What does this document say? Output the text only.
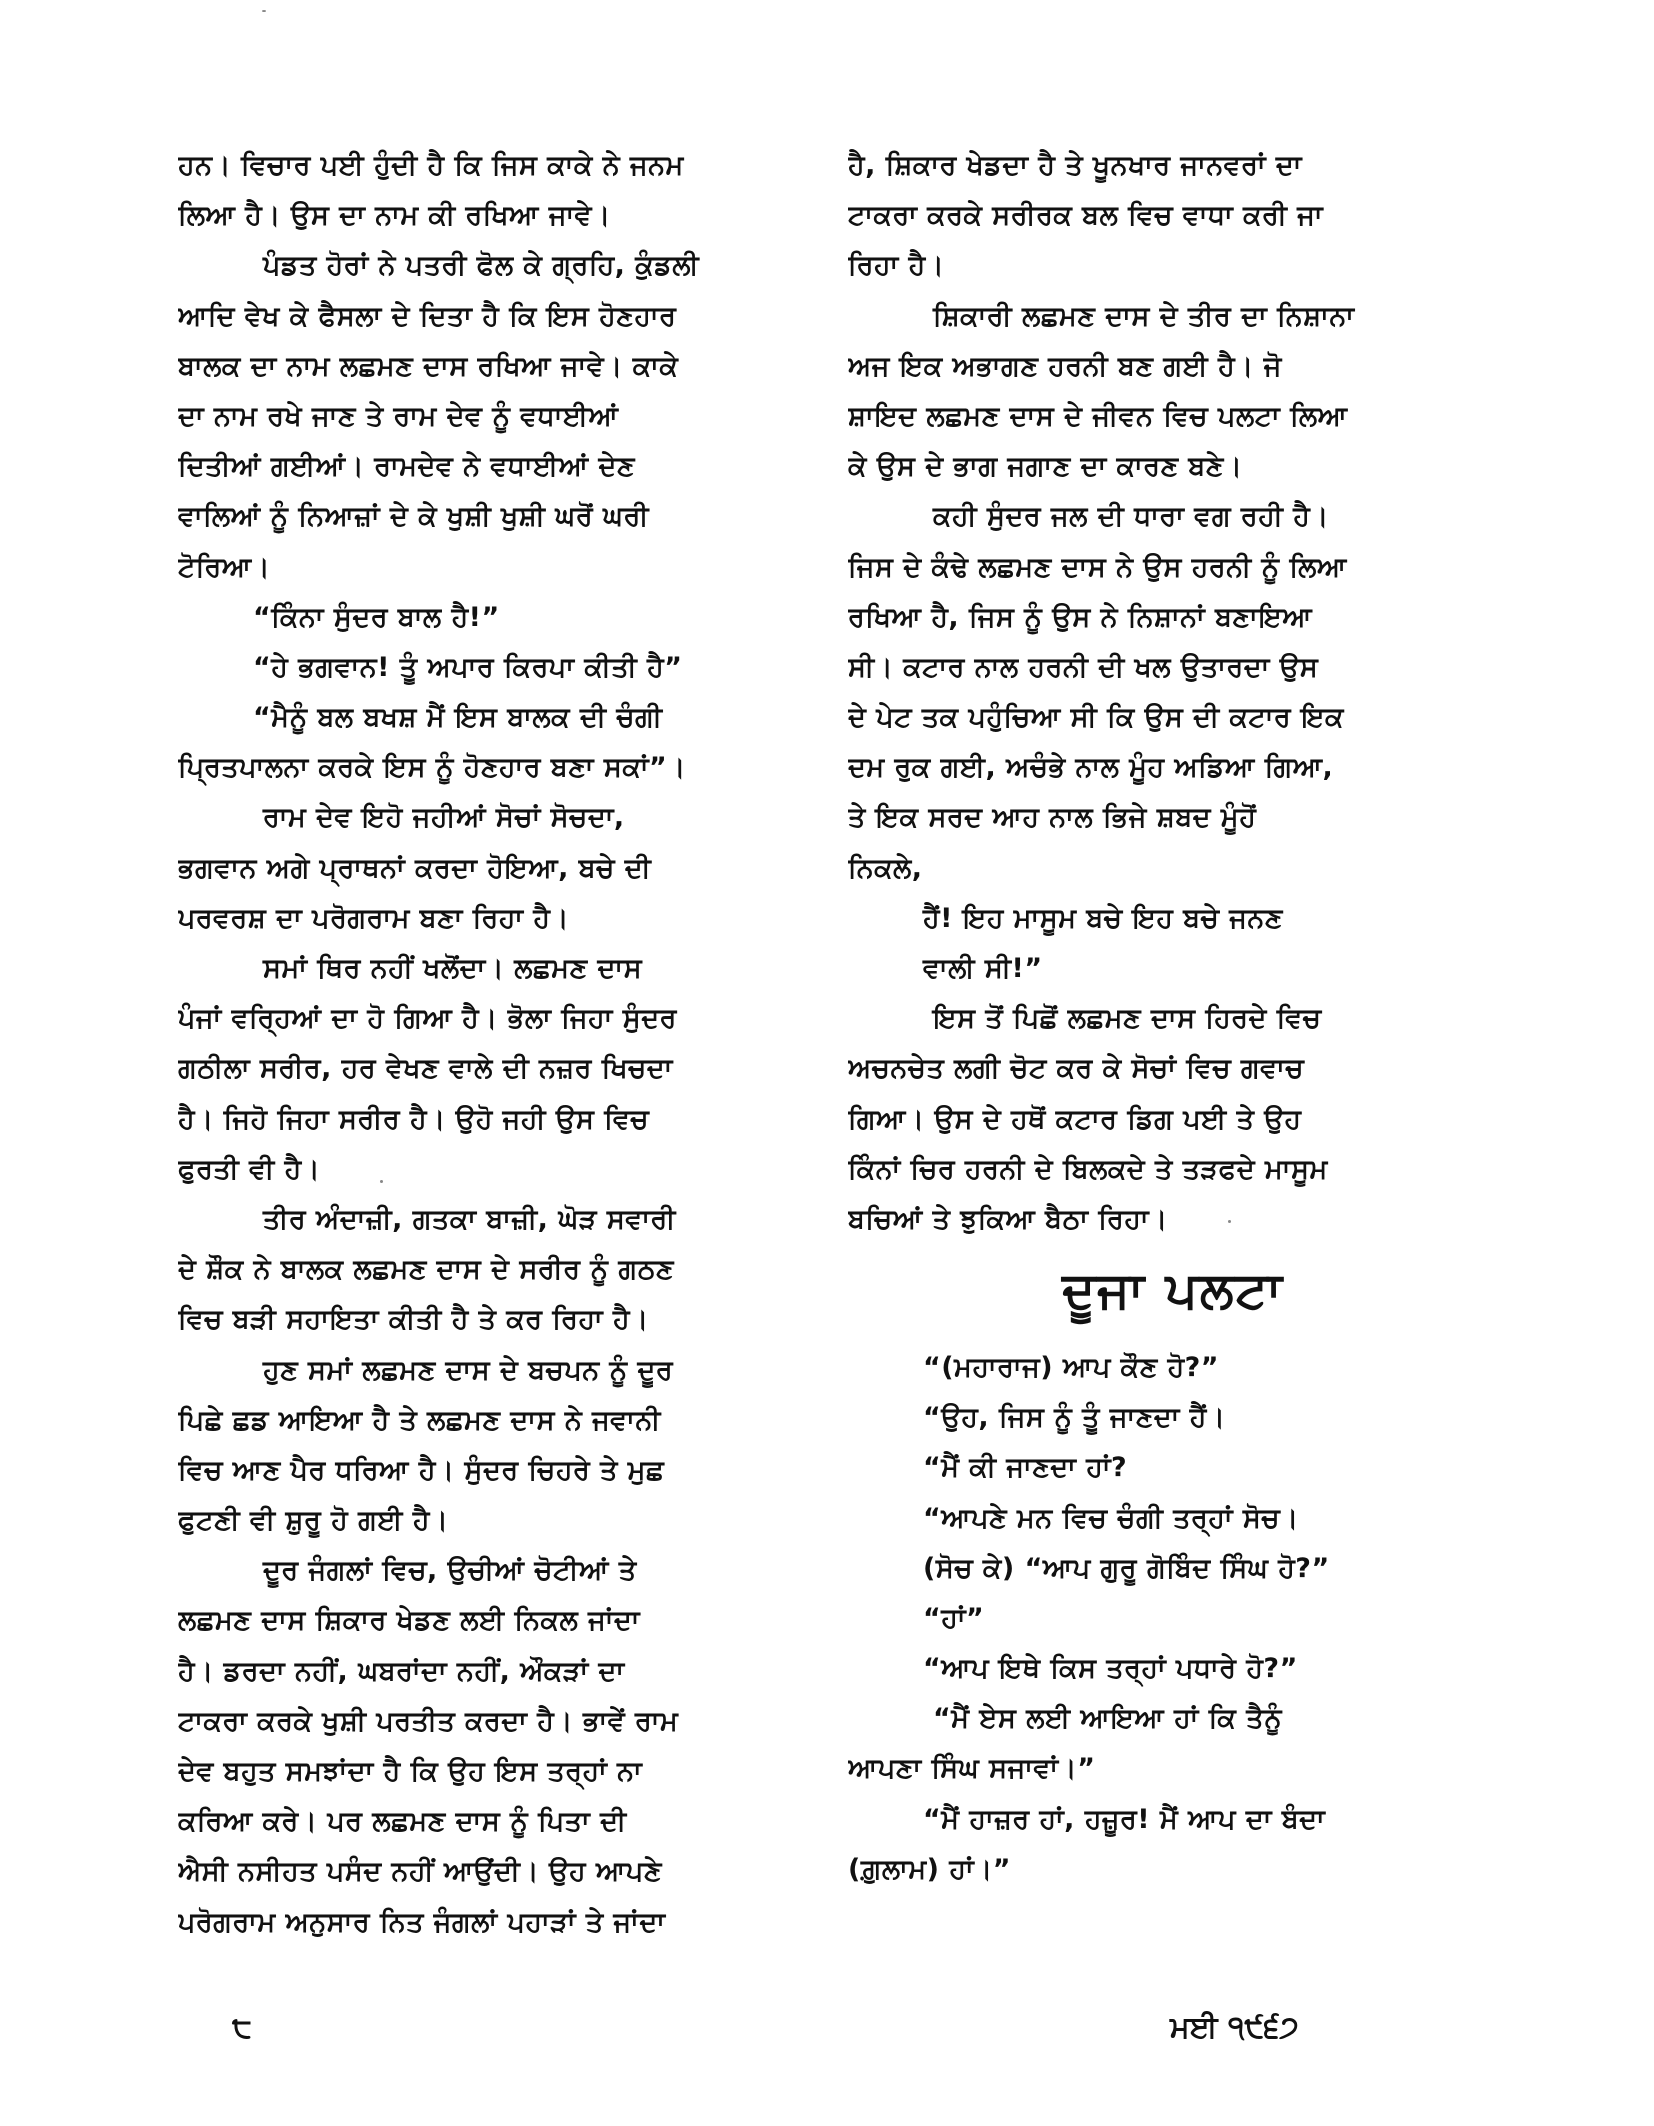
ਹਨ। ਵਿਚਾਰ ਪਈ ਹੁੰਦੀ ਹੈ ਕਿ ਜਿਸ ਕਾਕੇ ਨੇ ਜਨਮ
ਲਿਆ ਹੈ। ਉਸ ਦਾ ਨਾਮ ਕੀ ਰਖਿਆ ਜਾਵੇ।
ਪੰਡਤ ਹੋਰਾਂ ਨੇ ਪਤਰੀ ਫੋਲ ਕੇ ਗ੍ਰਹਿ, ਕੁੰਡਲੀ
ਆਦਿ ਵੇਖ ਕੇ ਫੈਸਲਾ ਦੇ ਦਿਤਾ ਹੈ ਕਿ ਇਸ ਹੋਣਹਾਰ
ਬਾਲਕ ਦਾ ਨਾਮ ਲਛਮਣ ਦਾਸ ਰਖਿਆ ਜਾਵੇ। ਕਾਕੇ
ਦਾ ਨਾਮ ਰਖੇ ਜਾਣ ਤੇ ਰਾਮ ਦੇਵ ਨੂੰ ਵਧਾਈਆਂ
ਦਿਤੀਆਂ ਗਈਆਂ। ਰਾਮਦੇਵ ਨੇ ਵਧਾਈਆਂ ਦੇਣ
ਵਾਲਿਆਂ ਨੂੰ ਨਿਆਜ਼ਾਂ ਦੇ ਕੇ ਖੁਸ਼ੀ ਖੁਸ਼ੀ ਘਰੋਂ ਘਰੀ
ਟੋਰਿਆ।
“ਕਿੰਨਾ ਸੁੰਦਰ ਬਾਲ ਹੈ!”
“ਹੇ ਭਗਵਾਨ! ਤੂੰ ਅਪਾਰ ਕਿਰਪਾ ਕੀਤੀ ਹੈ”
“ਮੈਨੂੰ ਬਲ ਬਖਸ਼ ਮੈਂ ਇਸ ਬਾਲਕ ਦੀ ਚੰਗੀ
ਪ੍ਰਿਤਪਾਲਨਾ ਕਰਕੇ ਇਸ ਨੂੰ ਹੋਣਹਾਰ ਬਣਾ ਸਕਾਂ”।
ਰਾਮ ਦੇਵ ਇਹੋ ਜਹੀਆਂ ਸੋਚਾਂ ਸੋਚਦਾ,
ਭਗਵਾਨ ਅਗੇ ਪ੍ਰਾਥਨਾਂ ਕਰਦਾ ਹੋਇਆ, ਬਚੇ ਦੀ
ਪਰਵਰਸ਼ ਦਾ ਪਰੋਗਰਾਮ ਬਣਾ ਰਿਹਾ ਹੈ।
ਸਮਾਂ ਥਿਰ ਨਹੀਂ ਖਲੋਂਦਾ। ਲਛਮਣ ਦਾਸ
ਪੰਜਾਂ ਵਰ੍ਹਿਆਂ ਦਾ ਹੋ ਗਿਆ ਹੈ। ਭੋਲਾ ਜਿਹਾ ਸੁੰਦਰ
ਗਠੀਲਾ ਸਰੀਰ, ਹਰ ਵੇਖਣ ਵਾਲੇ ਦੀ ਨਜ਼ਰ ਖਿਚਦਾ
ਹੈ। ਜਿਹੋ ਜਿਹਾ ਸਰੀਰ ਹੈ। ਉਹੋ ਜਹੀ ਉਸ ਵਿਚ
ਫੁਰਤੀ ਵੀ ਹੈ।
ਤੀਰ ਅੰਦਾਜ਼ੀ, ਗਤਕਾ ਬਾਜ਼ੀ, ਘੋੜ ਸਵਾਰੀ
ਦੇ ਸ਼ੌਕ ਨੇ ਬਾਲਕ ਲਛਮਣ ਦਾਸ ਦੇ ਸਰੀਰ ਨੂੰ ਗਠਣ
ਵਿਚ ਬੜੀ ਸਹਾਇਤਾ ਕੀਤੀ ਹੈ ਤੇ ਕਰ ਰਿਹਾ ਹੈ।
ਹੁਣ ਸਮਾਂ ਲਛਮਣ ਦਾਸ ਦੇ ਬਚਪਨ ਨੂੰ ਦੂਰ
ਪਿਛੇ ਛਡ ਆਇਆ ਹੈ ਤੇ ਲਛਮਣ ਦਾਸ ਨੇ ਜਵਾਨੀ
ਵਿਚ ਆਣ ਪੈਰ ਧਰਿਆ ਹੈ। ਸੁੰਦਰ ਚਿਹਰੇ ਤੇ ਮੁਛ
ਫੁਟਣੀ ਵੀ ਸ਼ੁਰੂ ਹੋ ਗਈ ਹੈ।
ਦੂਰ ਜੰਗਲਾਂ ਵਿਚ, ਉਚੀਆਂ ਚੋਟੀਆਂ ਤੇ
ਲਛਮਣ ਦਾਸ ਸ਼ਿਕਾਰ ਖੇਡਣ ਲਈ ਨਿਕਲ ਜਾਂਦਾ
ਹੈ। ਡਰਦਾ ਨਹੀਂ, ਘਬਰਾਂਦਾ ਨਹੀਂ, ਔਕੜਾਂ ਦਾ
ਟਾਕਰਾ ਕਰਕੇ ਖੁਸ਼ੀ ਪਰਤੀਤ ਕਰਦਾ ਹੈ। ਭਾਵੇਂ ਰਾਮ
ਦੇਵ ਬਹੁਤ ਸਮਝਾਂਦਾ ਹੈ ਕਿ ਉਹ ਇਸ ਤਰ੍ਹਾਂ ਨਾ
ਕਰਿਆ ਕਰੇ। ਪਰ ਲਛਮਣ ਦਾਸ ਨੂੰ ਪਿਤਾ ਦੀ
ਐਸੀ ਨਸੀਹਤ ਪਸੰਦ ਨਹੀਂ ਆਉਂਦੀ। ਉਹ ਆਪਣੇ
ਪਰੋਗਰਾਮ ਅਨੁਸਾਰ ਨਿਤ ਜੰਗਲਾਂ ਪਹਾੜਾਂ ਤੇ ਜਾਂਦਾ
ਹੈ, ਸ਼ਿਕਾਰ ਖੇਡਦਾ ਹੈ ਤੇ ਖੂਨਖਾਰ ਜਾਨਵਰਾਂ ਦਾ
ਟਾਕਰਾ ਕਰਕੇ ਸਰੀਰਕ ਬਲ ਵਿਚ ਵਾਧਾ ਕਰੀ ਜਾ
ਰਿਹਾ ਹੈ।
ਸ਼ਿਕਾਰੀ ਲਛਮਣ ਦਾਸ ਦੇ ਤੀਰ ਦਾ ਨਿਸ਼ਾਨਾ
ਅਜ ਇਕ ਅਭਾਗਣ ਹਰਨੀ ਬਣ ਗਈ ਹੈ। ਜੋ
ਸ਼ਾਇਦ ਲਛਮਣ ਦਾਸ ਦੇ ਜੀਵਨ ਵਿਚ ਪਲਟਾ ਲਿਆ
ਕੇ ਉਸ ਦੇ ਭਾਗ ਜਗਾਣ ਦਾ ਕਾਰਣ ਬਣੇ।
ਕਹੀ ਸੁੰਦਰ ਜਲ ਦੀ ਧਾਰਾ ਵਗ ਰਹੀ ਹੈ।
ਜਿਸ ਦੇ ਕੰਢੇ ਲਛਮਣ ਦਾਸ ਨੇ ਉਸ ਹਰਨੀ ਨੂੰ ਲਿਆ
ਰਖਿਆ ਹੈ, ਜਿਸ ਨੂੰ ਉਸ ਨੇ ਨਿਸ਼ਾਨਾਂ ਬਣਾਇਆ
ਸੀ। ਕਟਾਰ ਨਾਲ ਹਰਨੀ ਦੀ ਖਲ ਉਤਾਰਦਾ ਉਸ
ਦੇ ਪੇਟ ਤਕ ਪਹੁੰਚਿਆ ਸੀ ਕਿ ਉਸ ਦੀ ਕਟਾਰ ਇਕ
ਦਮ ਰੁਕ ਗਈ, ਅਚੰਭੇ ਨਾਲ ਮੂੰਹ ਅਡਿਆ ਗਿਆ,
ਤੇ ਇਕ ਸਰਦ ਆਹ ਨਾਲ ਭਿਜੇ ਸ਼ਬਦ ਮੂੰਹੋਂ
ਨਿਕਲੇ,
ਹੈਂ! ਇਹ ਮਾਸੂਮ ਬਚੇ ਇਹ ਬਚੇ ਜਨਣ
ਵਾਲੀ ਸੀ!”
ਇਸ ਤੋਂ ਪਿਛੋਂ ਲਛਮਣ ਦਾਸ ਹਿਰਦੇ ਵਿਚ
ਅਚਨਚੇਤ ਲਗੀ ਚੋਟ ਕਰ ਕੇ ਸੋਚਾਂ ਵਿਚ ਗਵਾਚ
ਗਿਆ। ਉਸ ਦੇ ਹਥੋਂ ਕਟਾਰ ਡਿਗ ਪਈ ਤੇ ਉਹ
ਕਿੰਨਾਂ ਚਿਰ ਹਰਨੀ ਦੇ ਬਿਲਕਦੇ ਤੇ ਤੜਫਦੇ ਮਾਸੂਮ
ਬਚਿਆਂ ਤੇ ਝੁਕਿਆ ਬੈਠਾ ਰਿਹਾ।
ਦੂਜਾ ਪਲਟਾ
“(ਮਹਾਰਾਜ) ਆਪ ਕੌਣ ਹੋ?”
“ਉਹ, ਜਿਸ ਨੂੰ ਤੂੰ ਜਾਣਦਾ ਹੈਂ।
“ਮੈਂ ਕੀ ਜਾਣਦਾ ਹਾਂ?
“ਆਪਣੇ ਮਨ ਵਿਚ ਚੰਗੀ ਤਰ੍ਹਾਂ ਸੋਚ।
(ਸੋਚ ਕੇ) “ਆਪ ਗੁਰੂ ਗੋਬਿੰਦ ਸਿੰਘ ਹੋ?”
“ਹਾਂ”
“ਆਪ ਇਥੇ ਕਿਸ ਤਰ੍ਹਾਂ ਪਧਾਰੇ ਹੋ?”
“ਮੈਂ ਏਸ ਲਈ ਆਇਆ ਹਾਂ ਕਿ ਤੈਨੂੰ
ਆਪਣਾ ਸਿੰਘ ਸਜਾਵਾਂ।”
“ਮੈਂ ਹਾਜ਼ਰ ਹਾਂ, ਹਜ਼ੂਰ! ਮੈਂ ਆਪ ਦਾ ਬੰਦਾ
(ਗ਼ੁਲਾਮ) ਹਾਂ।”
੮	ਮਈ ੧੯੬੭
